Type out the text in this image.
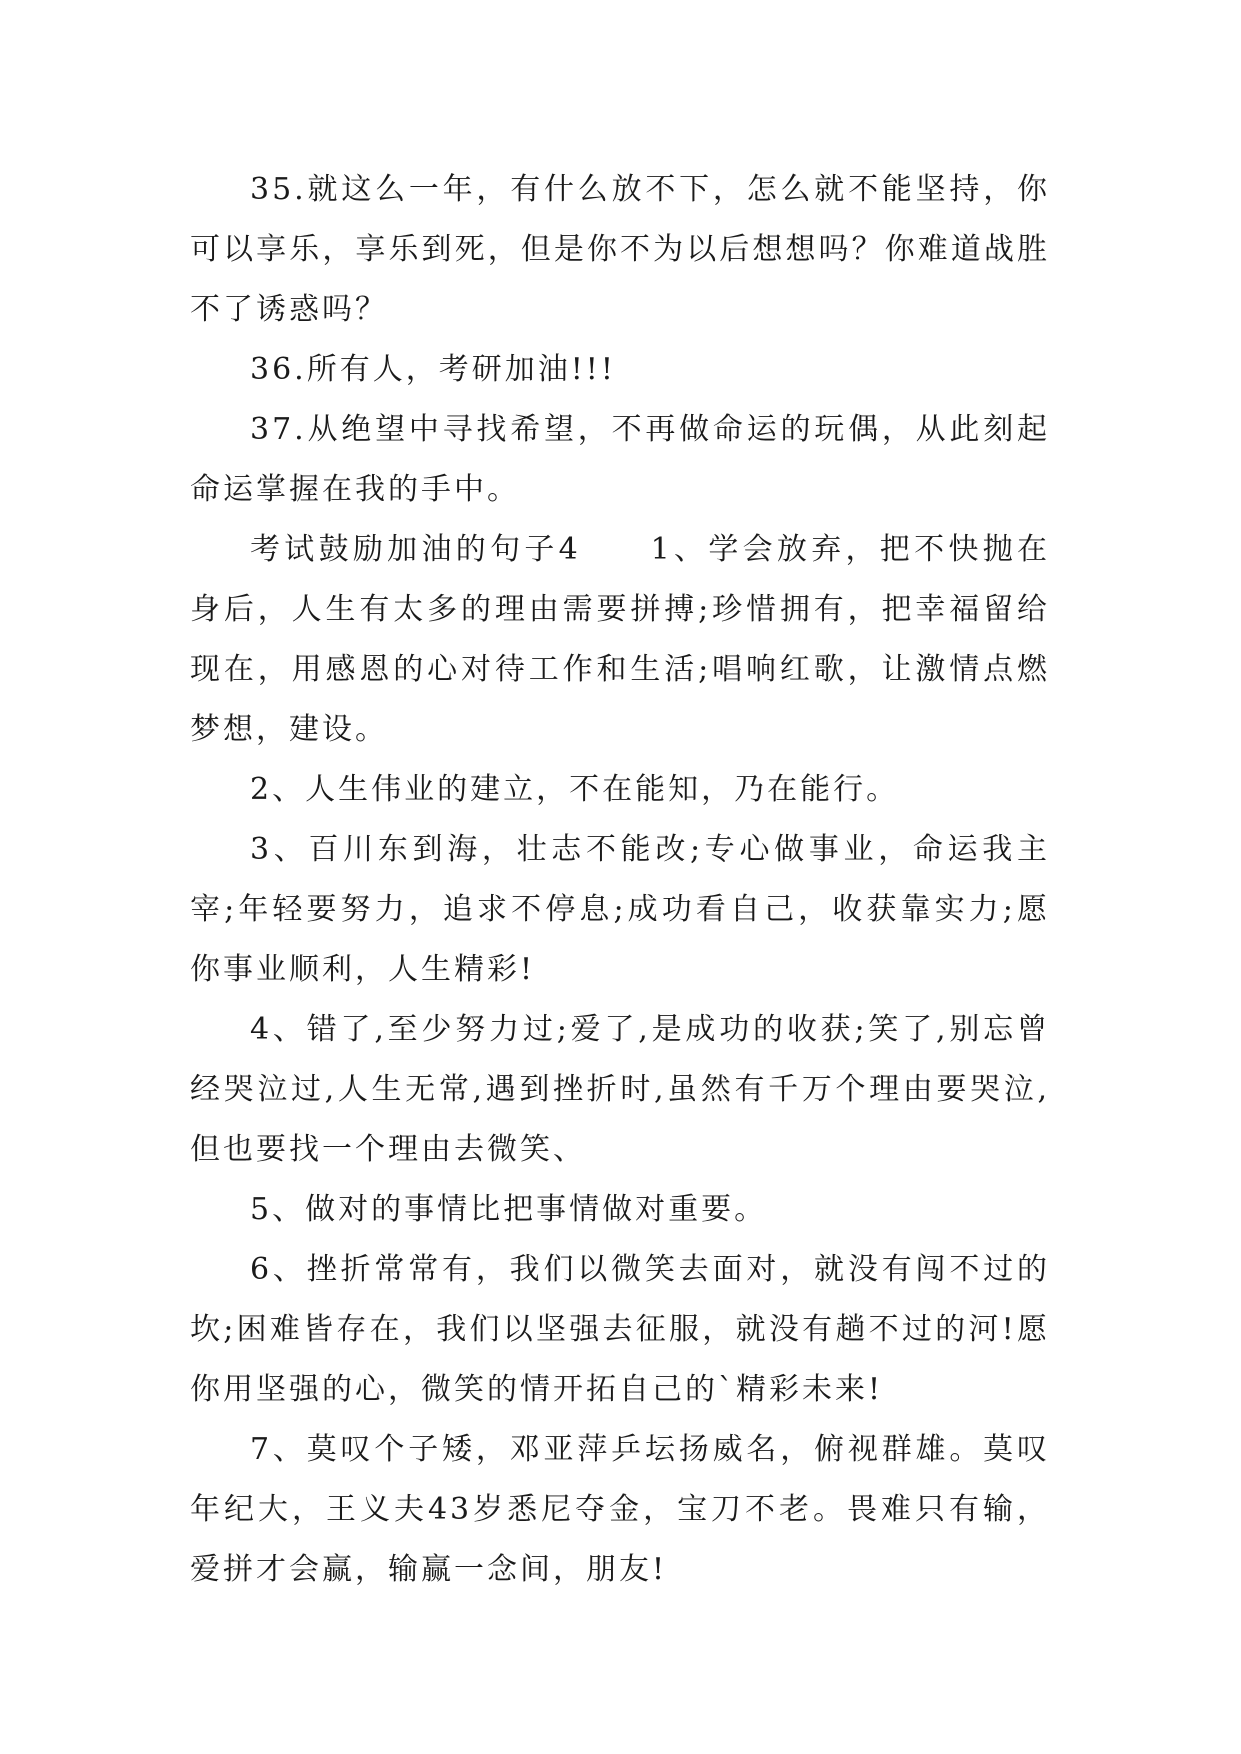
35.就这么一年，有什么放不下，怎么就不能坚持，你可以享乐，享乐到死，但是你不为以后想想吗？你难道战胜不了诱惑吗？

36.所有人，考研加油!!!

37.从绝望中寻找希望，不再做命运的玩偶，从此刻起命运掌握在我的手中。

考试鼓励加油的句子4　　1、学会放弃，把不快抛在身后，人生有太多的理由需要拼搏;珍惜拥有，把幸福留给现在，用感恩的心对待工作和生活;唱响红歌，让激情点燃梦想，建设。

2、人生伟业的建立，不在能知，乃在能行。

3、百川东到海，壮志不能改;专心做事业，命运我主宰;年轻要努力，追求不停息;成功看自己，收获靠实力;愿你事业顺利，人生精彩!

4、错了,至少努力过;爱了,是成功的收获;笑了,别忘曾经哭泣过,人生无常,遇到挫折时,虽然有千万个理由要哭泣,但也要找一个理由去微笑、

5、做对的事情比把事情做对重要。

6、挫折常常有，我们以微笑去面对，就没有闯不过的坎;困难皆存在，我们以坚强去征服，就没有趟不过的河!愿你用坚强的心，微笑的情开拓自己的`精彩未来!

7、莫叹个子矮，邓亚萍乒坛扬威名，俯视群雄。莫叹年纪大，王义夫43岁悉尼夺金，宝刀不老。畏难只有输，爱拼才会赢，输赢一念间，朋友!
